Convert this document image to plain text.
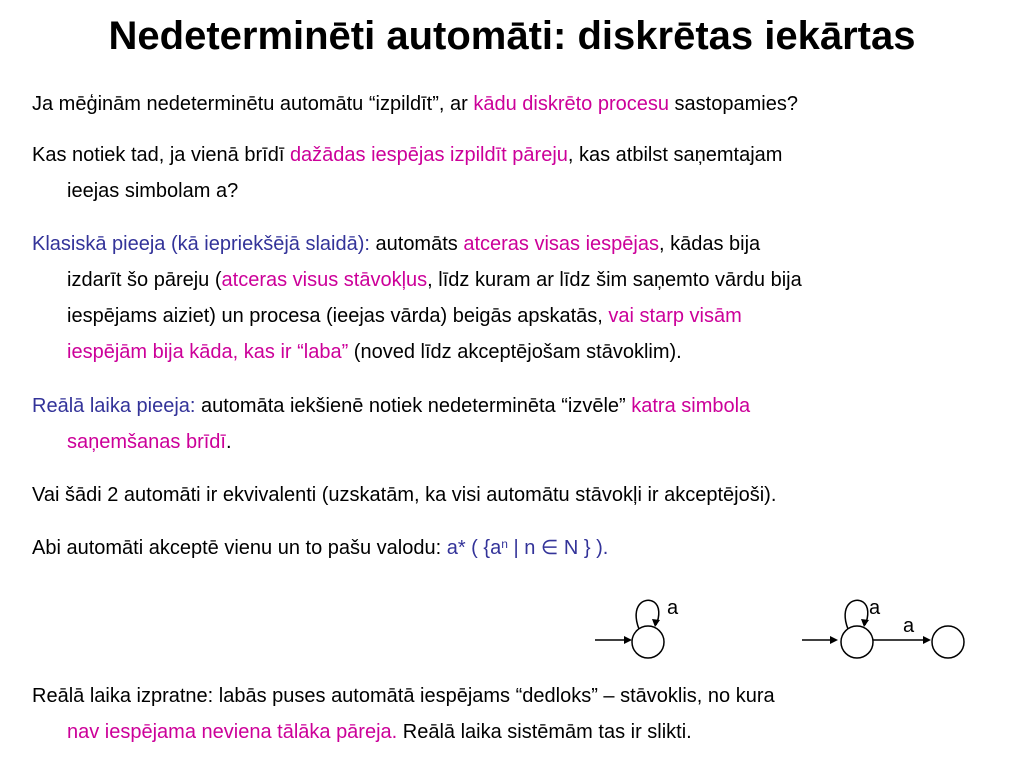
Nedeterminēti automāti: diskrētas iekārtas
Ja mēģinām nedeterminētu automātu “izpildīt”, ar kādu diskrēto procesu sastopamies?
Kas notiek tad, ja vienā brīdī dažādas iespējas izpildīt pāreju, kas atbilst saņemtajam
ieejas simbolam a?
Klasiskā pieeja (kā iepriekšējā slaidā): automāts atceras visas iespējas, kādas bija
izdarīt šo pāreju (atceras visus stāvokļus, līdz kuram ar līdz šim saņemto vārdu bija
iespējams aiziet) un procesa (ieejas vārda) beigās apskatās, vai starp visām
iespējām bija kāda, kas ir “laba” (noved līdz akceptējošam stāvoklim).
Reālā laika pieeja: automāta iekšienē notiek nedeterminēta “izvēle” katra simbola
saņemšanas brīdī.
Vai šādi 2 automāti ir ekvivalenti (uzskatām, ka visi automātu stāvokļi ir akceptējoši).
Abi automāti akceptē vienu un to pašu valodu: a* ( {$a^n$ | n ∈ N } ).
a	a
a
Reālā laika izpratne: labās puses automātā iespējams “dedloks” – stāvoklis, no kura
nav iespējama neviena tālāka pāreja. Reālā laika sistēmām tas ir slikti.
